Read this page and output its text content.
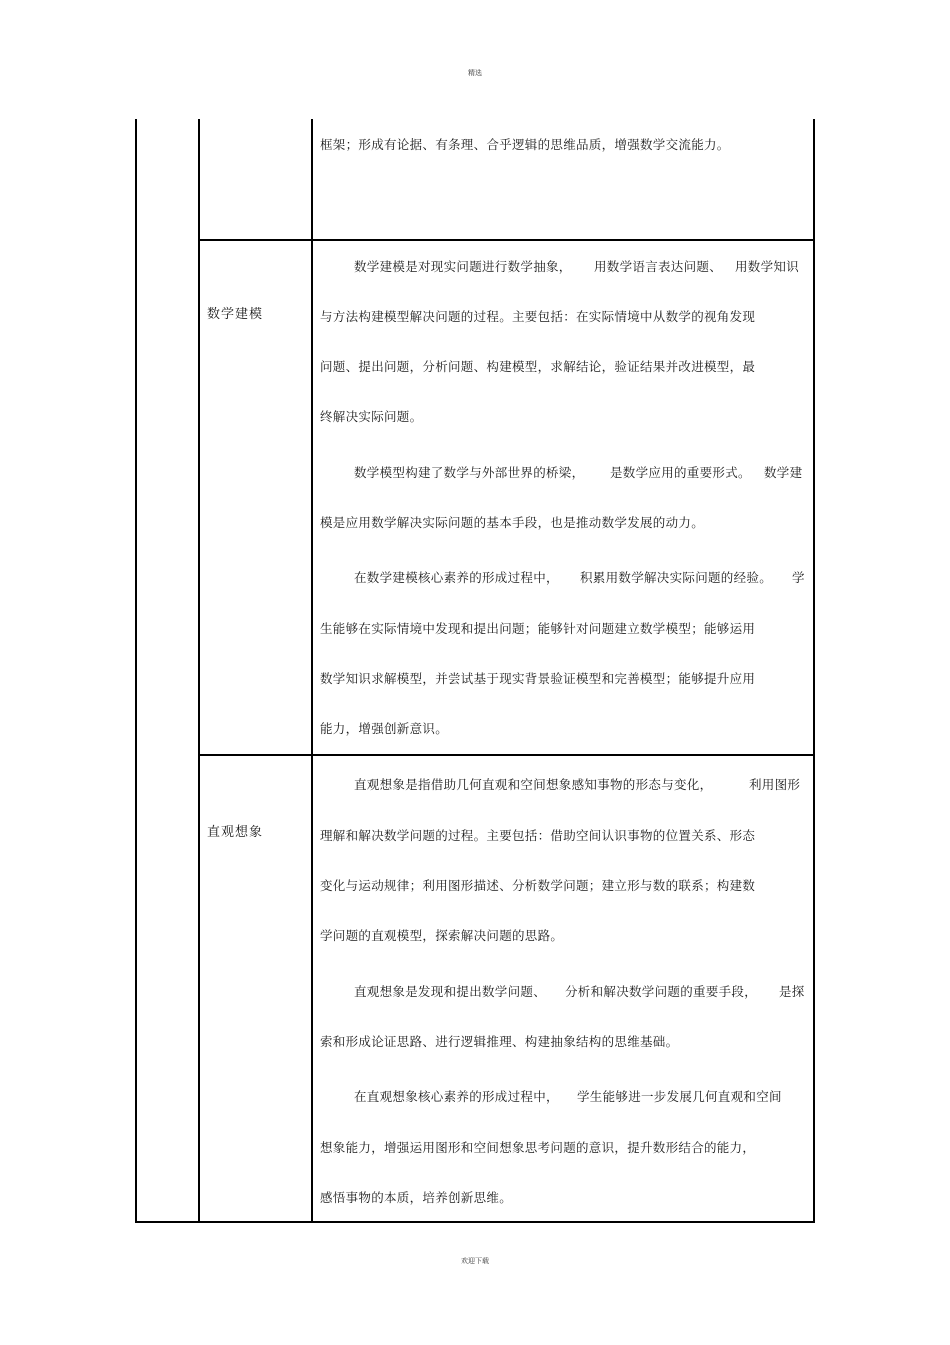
精选
框架；形成有论据、有条理、合乎逻辑的思维品质，增强数学交流能力。
数学建模
数学建模是对现实问题进行数学抽象， 用数学语言表达问题、 用数学知识
与方法构建模型解决问题的过程。主要包括：在实际情境中从数学的视角发现
问题、提出问题，分析问题、构建模型，求解结论，验证结果并改进模型，最
终解决实际问题。
数学模型构建了数学与外部世界的桥梁， 是数学应用的重要形式。 数学建
模是应用数学解决实际问题的基本手段，也是推动数学发展的动力。
在数学建模核心素养的形成过程中， 积累用数学解决实际问题的经验。 学
生能够在实际情境中发现和提出问题；能够针对问题建立数学模型；能够运用
数学知识求解模型，并尝试基于现实背景验证模型和完善模型；能够提升应用
能力，增强创新意识。
直观想象
直观想象是指借助几何直观和空间想象感知事物的形态与变化，	利用图形
理解和解决数学问题的过程。主要包括：借助空间认识事物的位置关系、形态
变化与运动规律；利用图形描述、分析数学问题；建立形与数的联系；构建数
学问题的直观模型，探索解决问题的思路。
直观想象是发现和提出数学问题、 分析和解决数学问题的重要手段， 是探
索和形成论证思路、进行逻辑推理、构建抽象结构的思维基础。
在直观想象核心素养的形成过程中， 学生能够进一步发展几何直观和空间
想象能力，增强运用图形和空间想象思考问题的意识，提升数形结合的能力，
感悟事物的本质，培养创新思维。
欢迎下载
